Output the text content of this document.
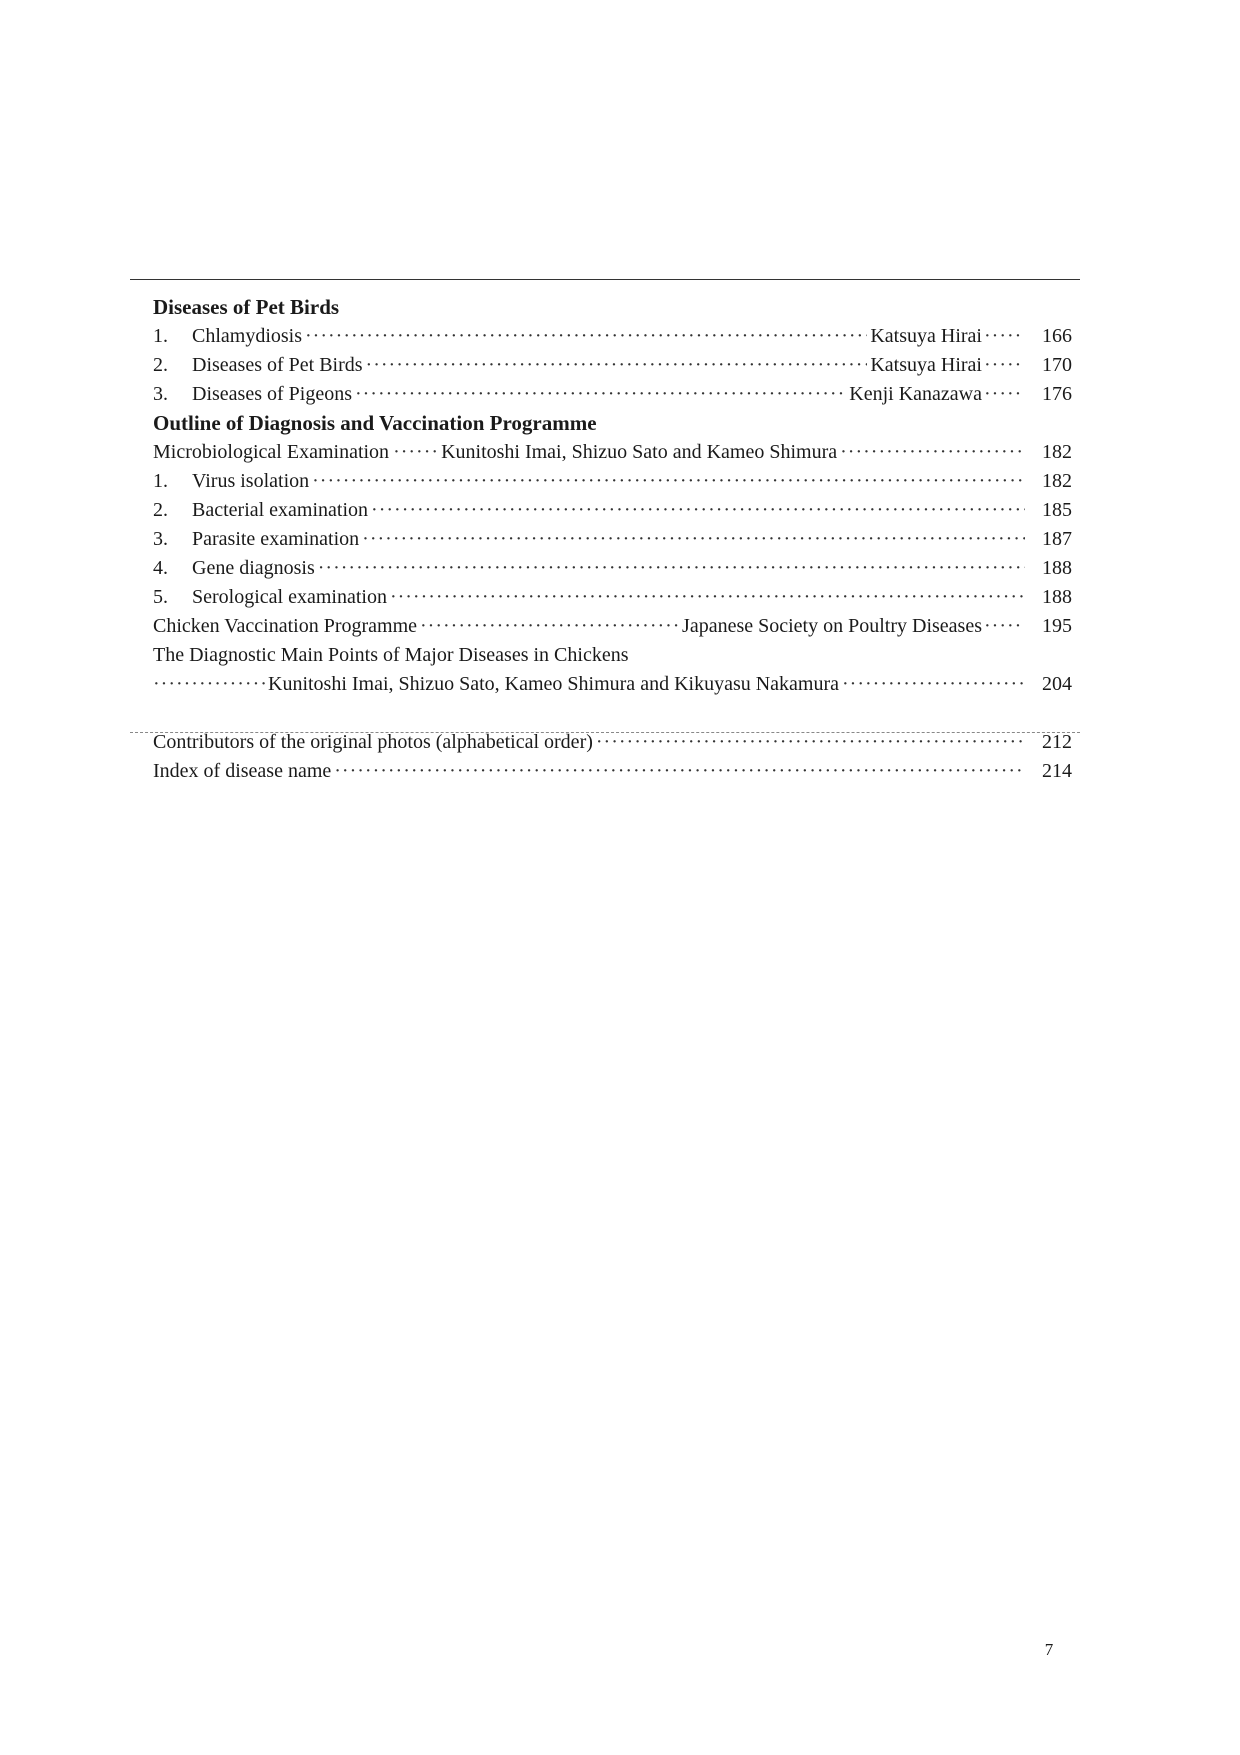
Diseases of Pet Birds
1.	Chlamydiosis ·····	Katsuya Hirai ·····	166
2.	Diseases of Pet Birds ·····	Katsuya Hirai ·····	170
3.	Diseases of Pigeons ·····	Kenji Kanazawa ·····	176
Outline of Diagnosis and Vaccination Programme
Microbiological Examination ·····	Kunitoshi Imai, Shizuo Sato and Kameo Shimura ·····	182
1.	Virus isolation ·····	182
2.	Bacterial examination ·····	185
3.	Parasite examination ·····	187
4.	Gene diagnosis ·····	188
5.	Serological examination ·····	188
Chicken Vaccination Programme ·····	Japanese Society on Poultry Diseases ·····	195
The Diagnostic Main Points of Major Diseases in Chickens
·····
Kunitoshi Imai, Shizuo Sato, Kameo Shimura and Kikuyasu Nakamura ·····	204
Contributors of the original photos (alphabetical order) ·····	212
Index of disease name ·····	214
7
